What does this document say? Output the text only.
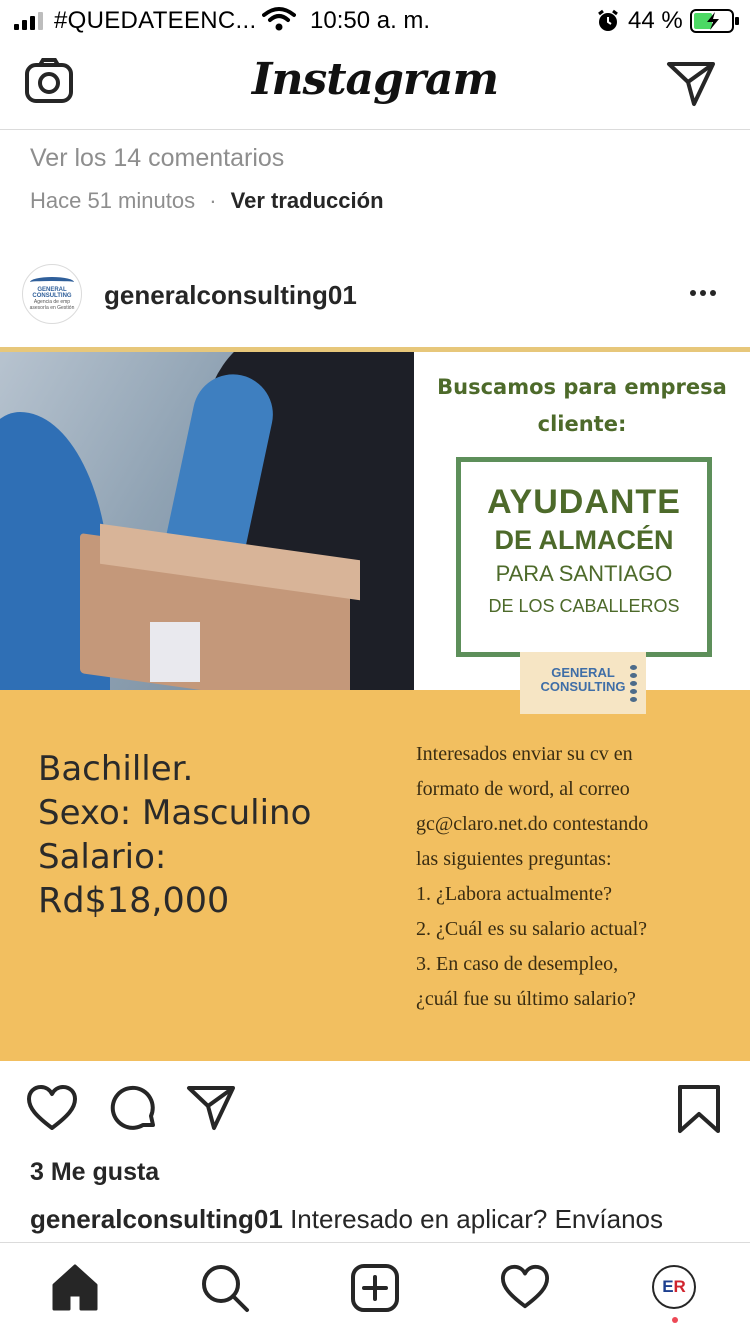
#QUEDATEENC... 10:50 a. m.	44 %
Instagram
Ver los 14 comentarios
Hace 51 minutos · Ver traducción
GENERAL
CONSULTING
Agencia de emp
asesoría en Gestión generalconsulting01
Buscamos para empresa
cliente:
AYUDANTE
DE ALMACÉN
PARA SANTIAGO
DE LOS CABALLEROS
GENERAL
CONSULTING
Bachiller.
Sexo: Masculino
Salario:
Rd$18,000
Interesados enviar su cv en
formato de word, al correo
gc@claro.net.do contestando
las siguientes preguntas:
1. ¿Labora actualmente?
2. ¿Cuál es su salario actual?
3. En caso de desempleo,
¿cuál fue su último salario?
3 Me gusta
generalconsulting01 Interesado en aplicar? Envíanos
E R
